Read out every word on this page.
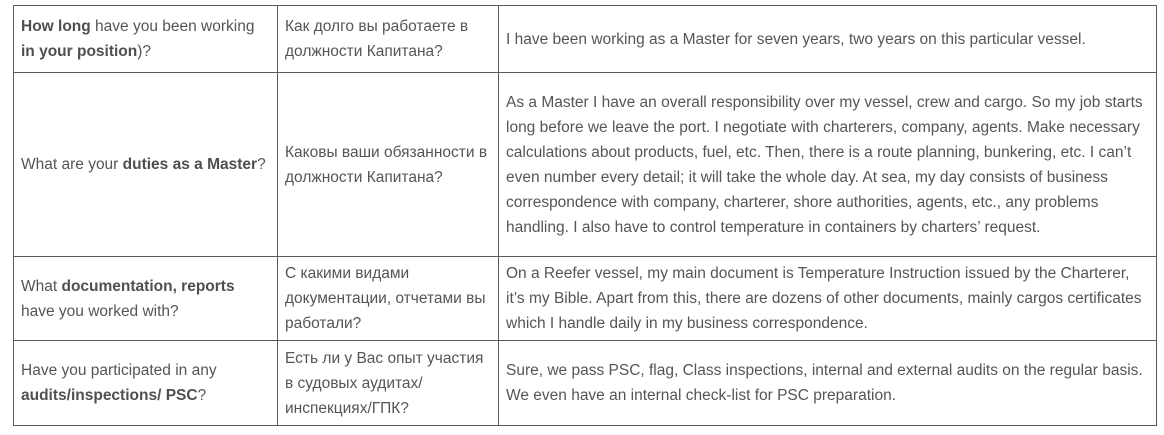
How long have you been working in your position)?	Как долго вы работаете в должности Капитана?	I have been working as a Master for seven years, two years on this particular vessel.
What are your duties as a Master?	Каковы ваши обязанности в должности Капитана?	As a Master I have an overall responsibility over my vessel, crew and cargo. So my job starts long before we leave the port. I negotiate with charterers, company, agents. Make necessary calculations about products, fuel, etc. Then, there is a route planning, bunkering, etc. I can’t even number every detail; it will take the whole day. At sea, my day consists of business correspondence with company, charterer, shore authorities, agents, etc., any problems handling. I also have to control temperature in containers by charters’ request.
What documentation, reports have you worked with?	С какими видами документации, отчетами вы работали?	On a Reefer vessel, my main document is Temperature Instruction issued by the Charterer, it’s my Bible. Apart from this, there are dozens of other documents, mainly cargos certificates which I handle daily in my business correspondence.
Have you participated in any audits/inspections/ PSC?	Есть ли у Вас опыт участия в судовых аудитах/ инспекциях/ГПК?	Sure, we pass PSC, flag, Class inspections, internal and external audits on the regular basis. We even have an internal check-list for PSC preparation.
